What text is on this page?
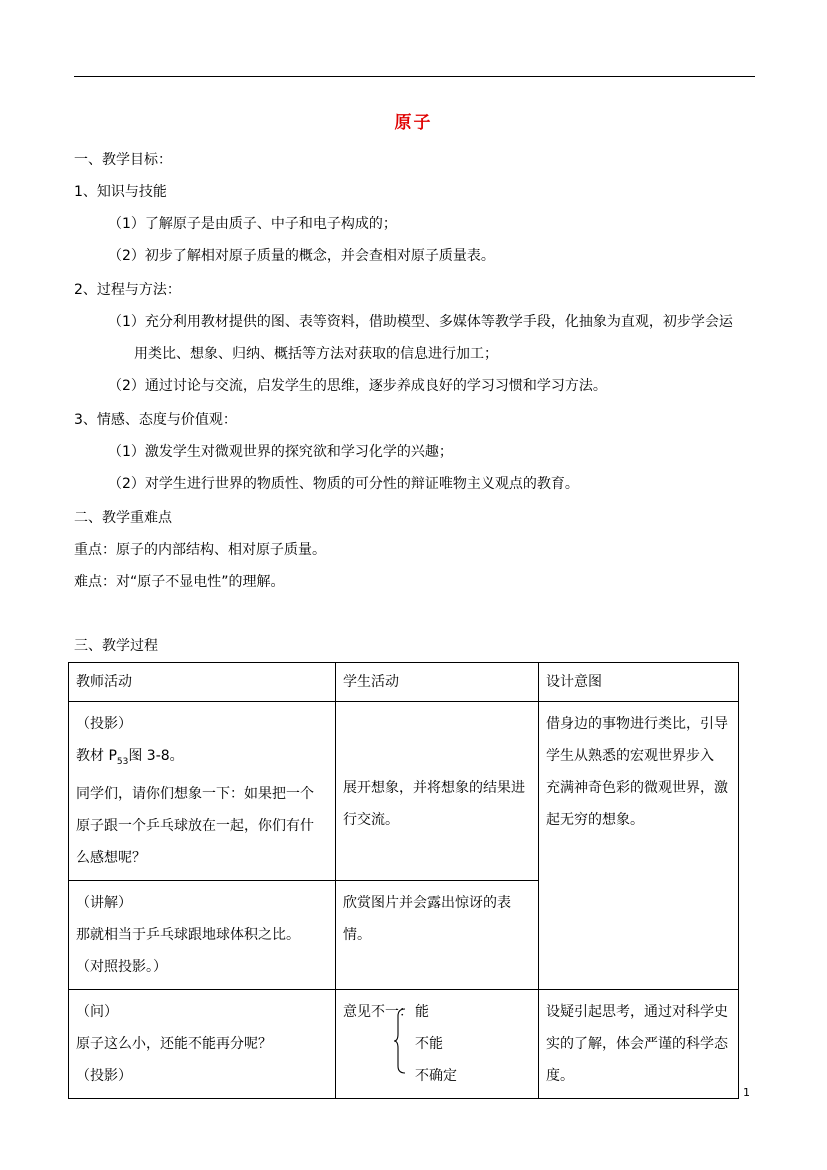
原子
一、教学目标：
1、知识与技能
（1）了解原子是由质子、中子和电子构成的；
（2）初步了解相对原子质量的概念，并会查相对原子质量表。
2、过程与方法：
（1）充分利用教材提供的图、表等资料，借助模型、多媒体等教学手段，化抽象为直观，初步学会运
用类比、想象、归纳、概括等方法对获取的信息进行加工；
（2）通过讨论与交流，启发学生的思维，逐步养成良好的学习习惯和学习方法。
3、情感、态度与价值观：
（1）激发学生对微观世界的探究欲和学习化学的兴趣；
（2）对学生进行世界的物质性、物质的可分性的辩证唯物主义观点的教育。
二、教学重难点
重点：原子的内部结构、相对原子质量。
难点：对“原子不显电性”的理解。
三、教学过程
教师活动	学生活动	设计意图

（投影）
教材 $P_{53}$图 3-8。
同学们，请你们想象一下：如果把一个
原子跟一个乒乓球放在一起，你们有什
么感想呢？	展开想象，并将想象的结果进
行交流。	借身边的事物进行类比，引导
学生从熟悉的宏观世界步入
充满神奇色彩的微观世界，激
起无穷的想象。

（讲解）
那就相当于乒乓球跟地球体积之比。
（对照投影。）	欣赏图片并会露出惊讶的表
情。	

（问）
原子这么小，还能不能再分呢？
（投影）	意见不一： 能
不能
不确定	设疑引起思考，通过对科学史
实的了解，体会严谨的科学态
度。
1
